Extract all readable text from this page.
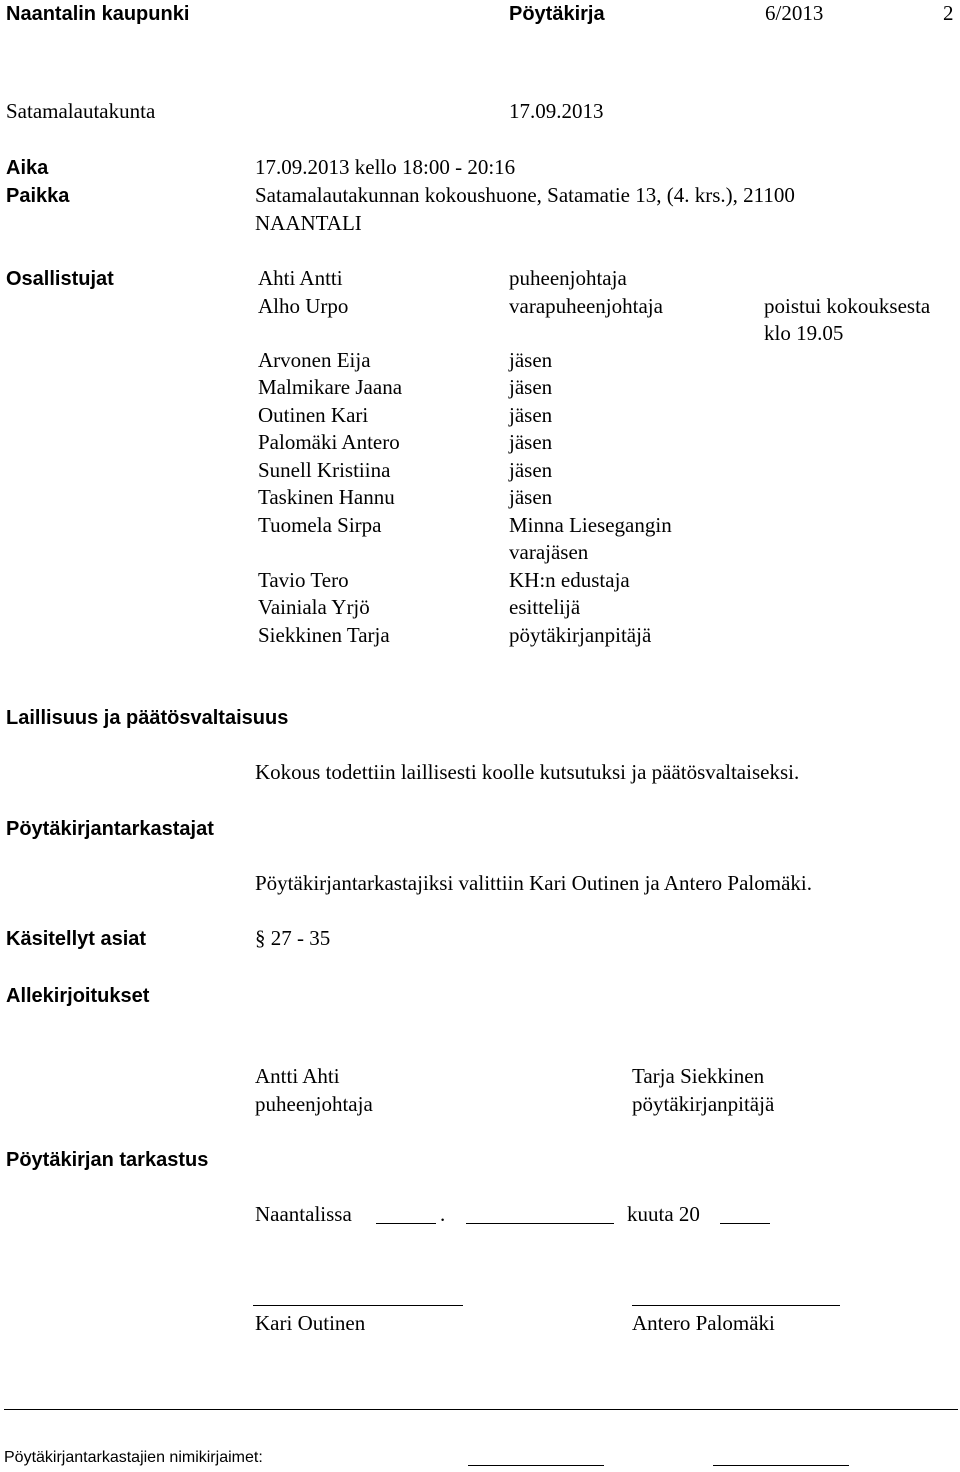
Naantalin kaupunki	Pöytäkirja	6/2013	2
Satamalautakunta	17.09.2013
Aika	17.09.2013 kello 18:00 - 20:16
Paikka	Satamalautakunnan kokoushuone, Satamatie 13, (4. krs.), 21100
NAANTALI
Osallistujat	Ahti Antti	puheenjohtaja
Alho Urpo	varapuheenjohtaja	poistui kokouksesta
klo 19.05
Arvonen Eija	jäsen
Malmikare Jaana	jäsen
Outinen Kari	jäsen
Palomäki Antero	jäsen
Sunell Kristiina	jäsen
Taskinen Hannu	jäsen
Tuomela Sirpa	Minna Liesegangin
varajäsen
Tavio Tero	KH:n edustaja
Vainiala Yrjö	esittelijä
Siekkinen Tarja	pöytäkirjanpitäjä
Laillisuus ja päätösvaltaisuus
Kokous todettiin laillisesti koolle kutsutuksi ja päätösvaltaiseksi.
Pöytäkirjantarkastajat
Pöytäkirjantarkastajiksi valittiin Kari Outinen ja Antero Palomäki.
Käsitellyt asiat	§ 27 - 35
Allekirjoitukset
Antti Ahti
puheenjohtaja
Tarja Siekkinen
pöytäkirjanpitäjä
Pöytäkirjan tarkastus
Naantalissa	.	kuuta 20
Kari Outinen	Antero Palomäki
Pöytäkirjantarkastajien nimikirjaimet:
